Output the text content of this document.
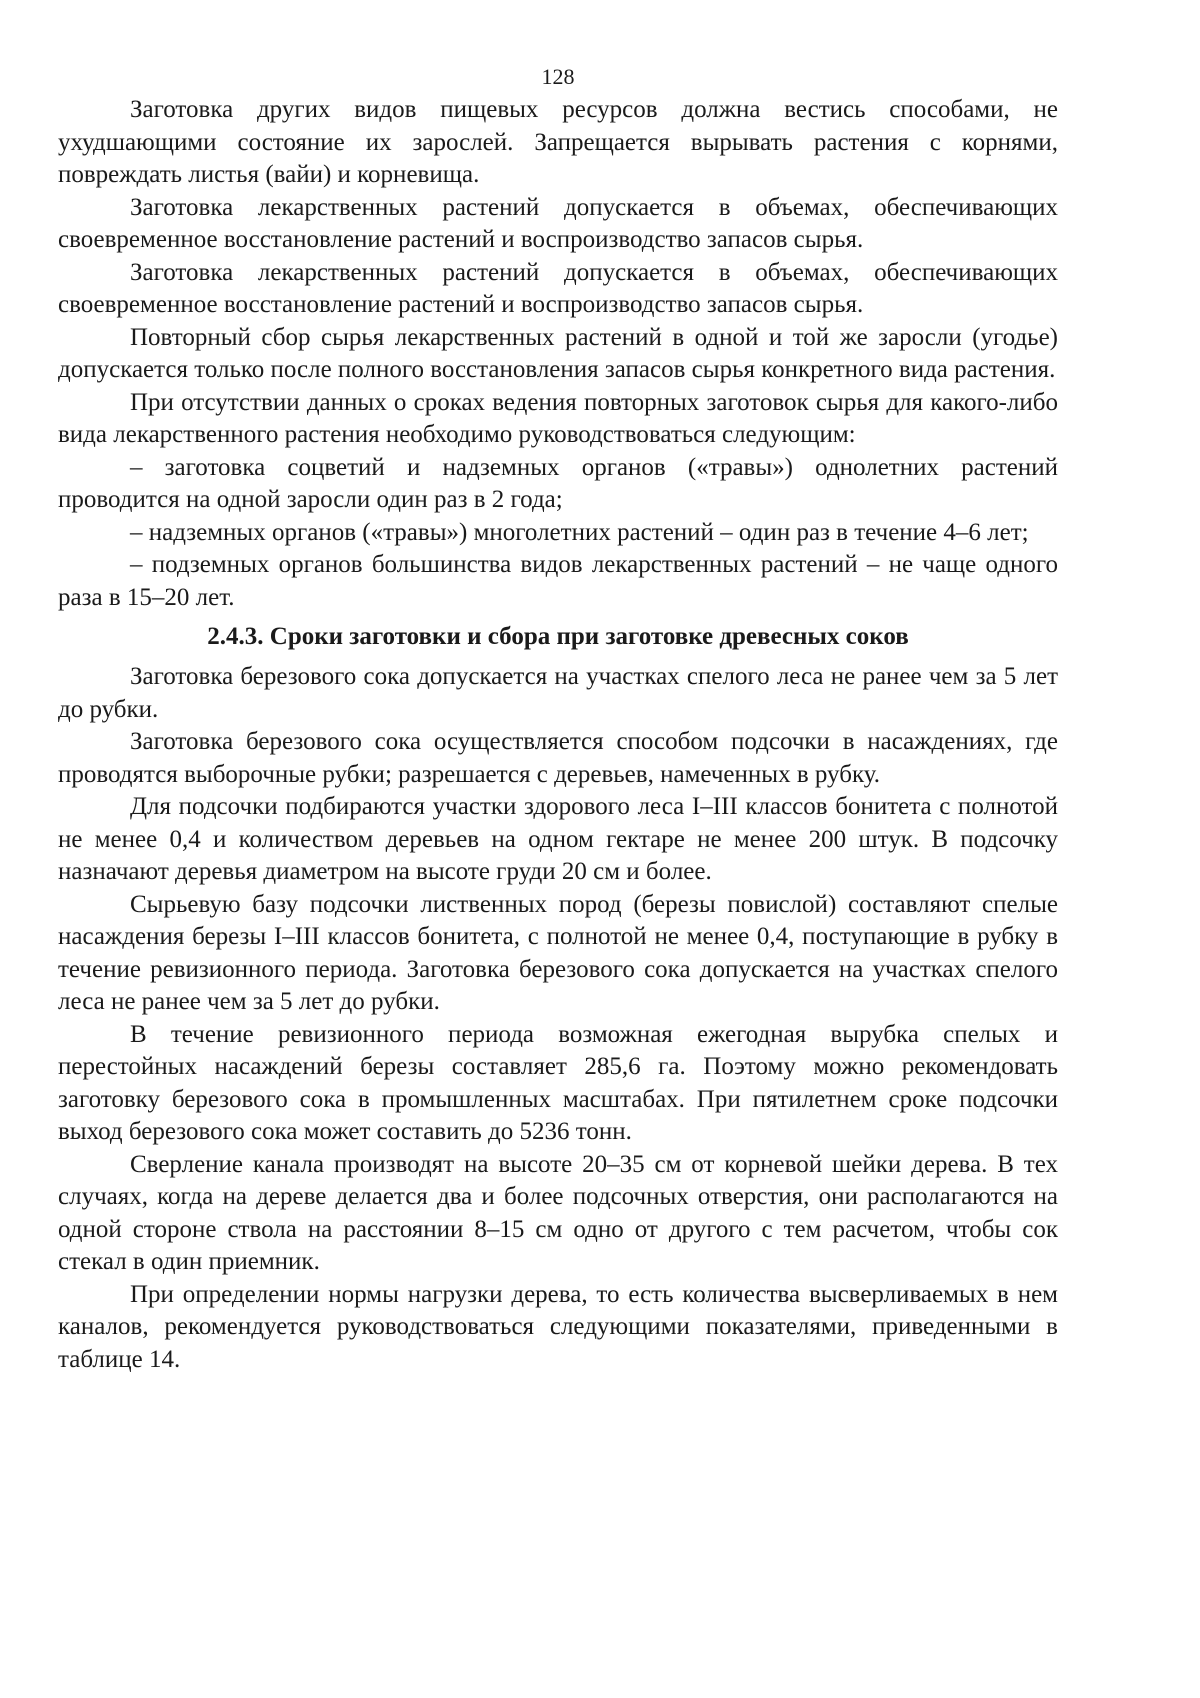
128

Заготовка других видов пищевых ресурсов должна вестись способами, не ухудшающими состояние их зарослей. Запрещается вырывать растения с корнями, повреждать листья (вайи) и корневища.

Заготовка лекарственных растений допускается в объемах, обеспечивающих своевременное восстановление растений и воспроизводство запасов сырья.

Заготовка лекарственных растений допускается в объемах, обеспечивающих своевременное восстановление растений и воспроизводство запасов сырья.

Повторный сбор сырья лекарственных растений в одной и той же заросли (угодье) допускается только после полного восстановления запасов сырья конкретного вида растения.

При отсутствии данных о сроках ведения повторных заготовок сырья для какого-либо вида лекарственного растения необходимо руководствоваться следующим:

– заготовка соцветий и надземных органов («травы») однолетних растений проводится на одной заросли один раз в 2 года;

– надземных органов («травы») многолетних растений – один раз в течение 4–6 лет;

– подземных органов большинства видов лекарственных растений – не чаще одного раза в 15–20 лет.

2.4.3. Сроки заготовки и сбора при заготовке древесных соков

Заготовка березового сока допускается на участках спелого леса не ранее чем за 5 лет до рубки.

Заготовка березового сока осуществляется способом подсочки в насаждениях, где проводятся выборочные рубки; разрешается с деревьев, намеченных в рубку.

Для подсочки подбираются участки здорового леса I–III классов бонитета с полнотой не менее 0,4 и количеством деревьев на одном гектаре не менее 200 штук. В подсочку назначают деревья диаметром на высоте груди 20 см и более.

Сырьевую базу подсочки лиственных пород (березы повислой) составляют спелые насаждения березы I–III классов бонитета, с полнотой не менее 0,4, поступающие в рубку в течение ревизионного периода. Заготовка березового сока допускается на участках спелого леса не ранее чем за 5 лет до рубки.

В течение ревизионного периода возможная ежегодная вырубка спелых и перестойных насаждений березы составляет 285,6 га. Поэтому можно рекомендовать заготовку березового сока в промышленных масштабах. При пятилетнем сроке подсочки выход березового сока может составить до 5236 тонн.

Сверление канала производят на высоте 20–35 см от корневой шейки дерева. В тех случаях, когда на дереве делается два и более подсочных отверстия, они располагаются на одной стороне ствола на расстоянии 8–15 см одно от другого с тем расчетом, чтобы сок стекал в один приемник.

При определении нормы нагрузки дерева, то есть количества высверливаемых в нем каналов, рекомендуется руководствоваться следующими показателями, приведенными в таблице 14.
